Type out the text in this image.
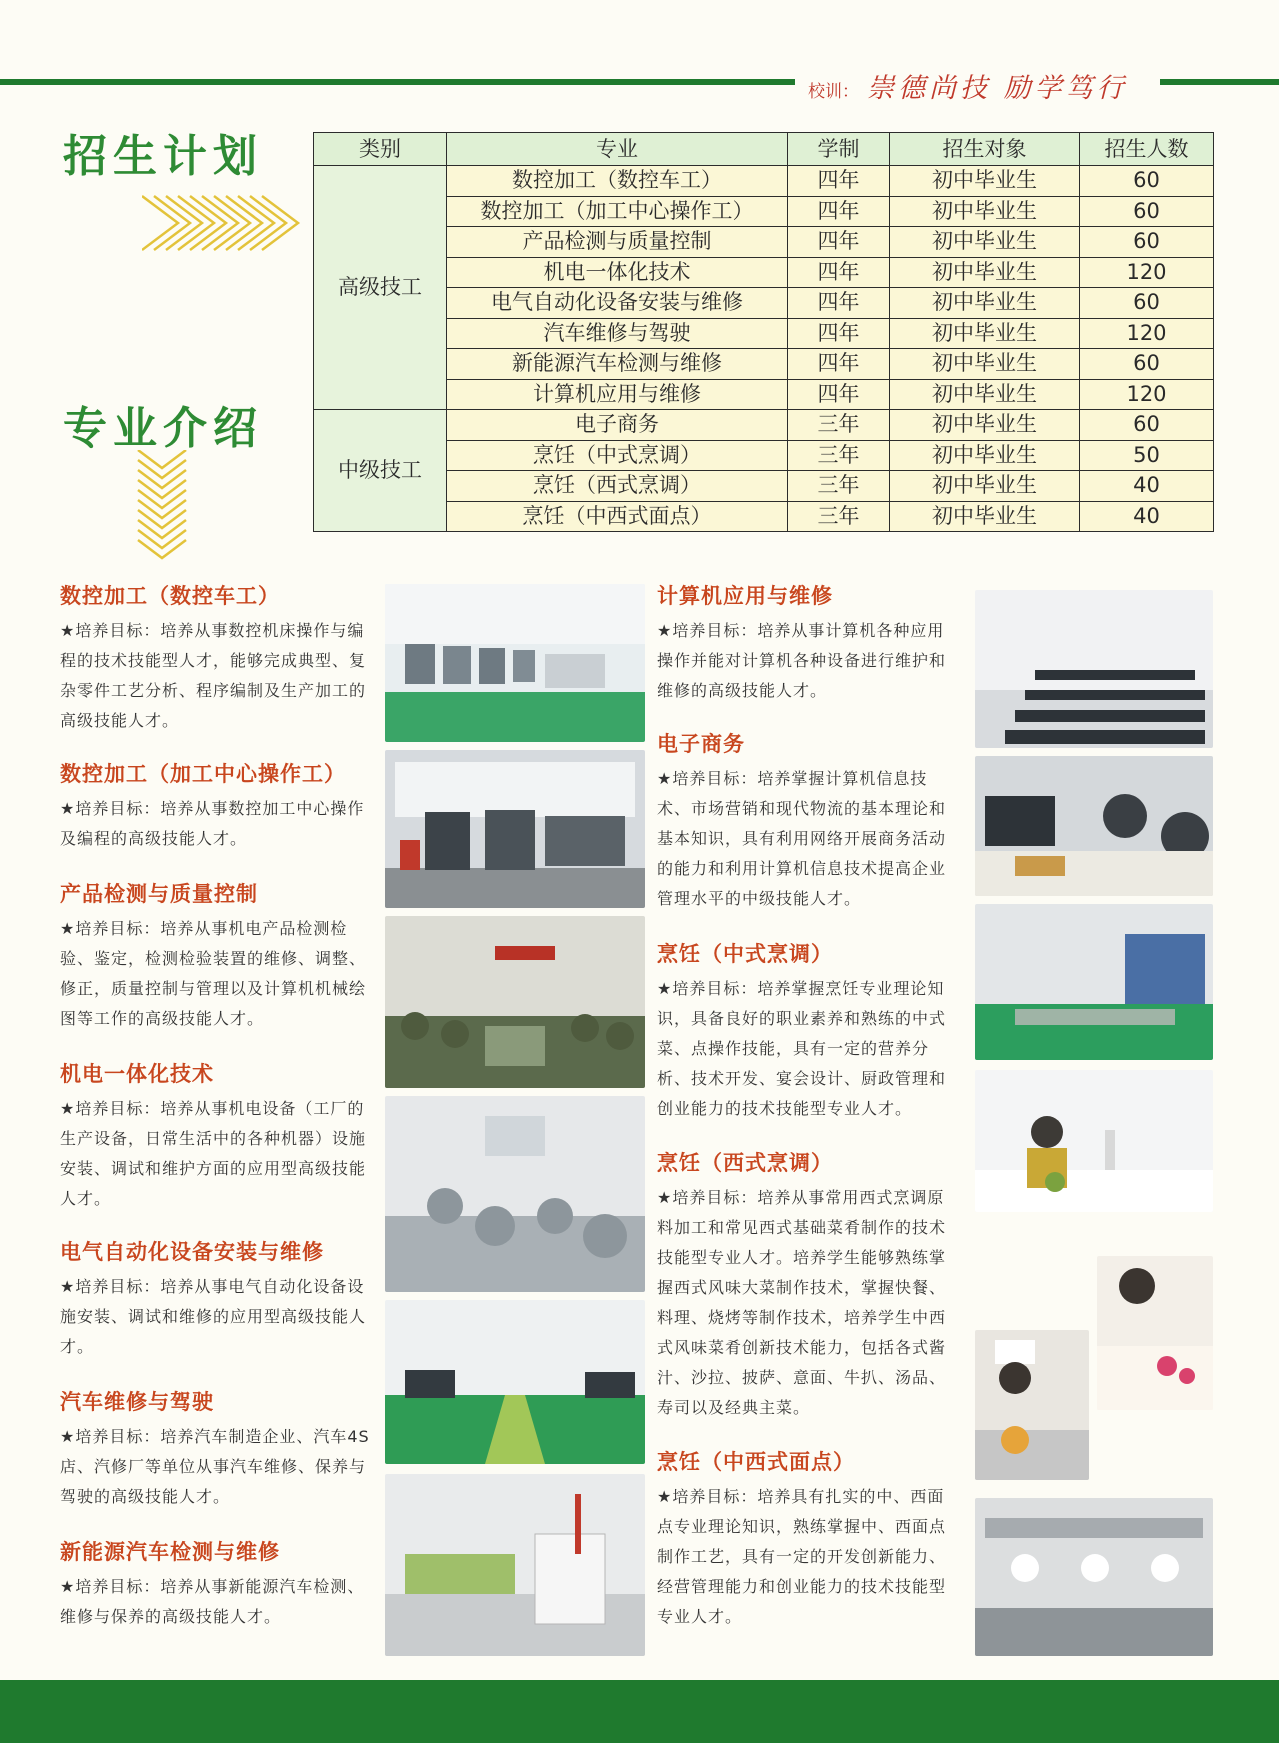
校训： 崇德尚技 励学笃行
招生计划
专业介绍
类别	专业	学制	招生对象	招生人数
高级技工	数控加工（数控车工）	四年	初中毕业生	60
	数控加工（加工中心操作工）	四年	初中毕业生	60
	产品检测与质量控制	四年	初中毕业生	60
	机电一体化技术	四年	初中毕业生	120
	电气自动化设备安装与维修	四年	初中毕业生	60
	汽车维修与驾驶	四年	初中毕业生	120
	新能源汽车检测与维修	四年	初中毕业生	60
	计算机应用与维修	四年	初中毕业生	120
中级技工	电子商务	三年	初中毕业生	60
	烹饪（中式烹调）	三年	初中毕业生	50
	烹饪（西式烹调）	三年	初中毕业生	40
	烹饪（中西式面点）	三年	初中毕业生	40
数控加工（数控车工）

★培养目标：培养从事数控机床操作与编程的技术技能型人才，能够完成典型、复杂零件工艺分析、程序编制及生产加工的高级技能人才。

数控加工（加工中心操作工）

★培养目标：培养从事数控加工中心操作及编程的高级技能人才。

产品检测与质量控制

★培养目标：培养从事机电产品检测检验、鉴定，检测检验装置的维修、调整、修正，质量控制与管理以及计算机机械绘图等工作的高级技能人才。

机电一体化技术

★培养目标：培养从事机电设备（工厂的生产设备，日常生活中的各种机器）设施安装、调试和维护方面的应用型高级技能人才。

电气自动化设备安装与维修

★培养目标：培养从事电气自动化设备设施安装、调试和维修的应用型高级技能人才。

汽车维修与驾驶

★培养目标：培养汽车制造企业、汽车4S店、汽修厂等单位从事汽车维修、保养与驾驶的高级技能人才。

新能源汽车检测与维修

★培养目标：培养从事新能源汽车检测、维修与保养的高级技能人才。

计算机应用与维修

★培养目标：培养从事计算机各种应用操作并能对计算机各种设备进行维护和维修的高级技能人才。

电子商务

★培养目标：培养掌握计算机信息技术、市场营销和现代物流的基本理论和基本知识，具有利用网络开展商务活动的能力和利用计算机信息技术提高企业管理水平的中级技能人才。

烹饪（中式烹调）

★培养目标：培养掌握烹饪专业理论知识，具备良好的职业素养和熟练的中式菜、点操作技能，具有一定的营养分析、技术开发、宴会设计、厨政管理和创业能力的技术技能型专业人才。

烹饪（西式烹调）

★培养目标：培养从事常用西式烹调原料加工和常见西式基础菜肴制作的技术技能型专业人才。培养学生能够熟练掌握西式风味大菜制作技术，掌握快餐、料理、烧烤等制作技术，培养学生中西式风味菜肴创新技术能力，包括各式酱汁、沙拉、披萨、意面、牛扒、汤品、寿司以及经典主菜。

烹饪（中西式面点）

★培养目标：培养具有扎实的中、西面点专业理论知识，熟练掌握中、西面点制作工艺，具有一定的开发创新能力、经营管理能力和创业能力的技术技能型专业人才。
